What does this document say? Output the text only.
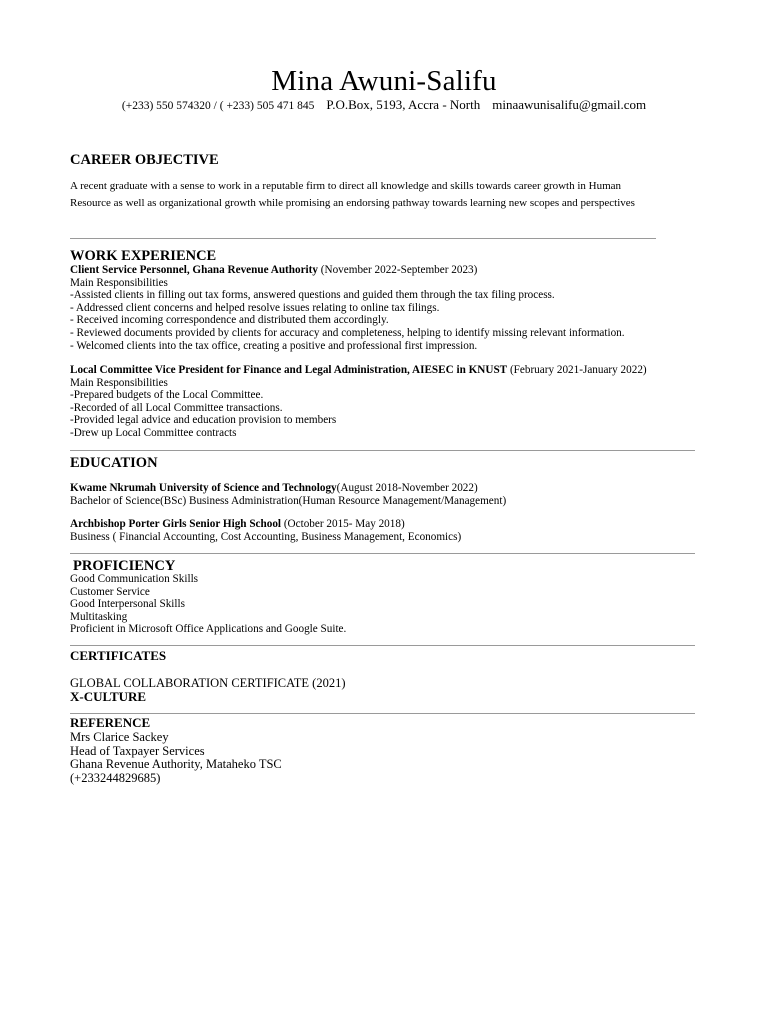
Mina Awuni-Salifu
(+233) 550 574320 / ( +233) 505 471 845 P.O.Box, 5193, Accra - North minaawunisalifu@gmail.com
CAREER OBJECTIVE
A recent graduate with a sense to work in a reputable firm to direct all knowledge and skills towards career growth in Human Resource as well as organizational growth while promising an endorsing pathway towards learning new scopes and perspectives
WORK EXPERIENCE
Client Service Personnel, Ghana Revenue Authority (November 2022-September 2023)
Main Responsibilities
-Assisted clients in filling out tax forms, answered questions and guided them through the tax filing process.
- Addressed client concerns and helped resolve issues relating to online tax filings.
- Received incoming correspondence and distributed them accordingly.
- Reviewed documents provided by clients for accuracy and completeness, helping to identify missing relevant information.
- Welcomed clients into the tax office, creating a positive and professional first impression.
Local Committee Vice President for Finance and Legal Administration, AIESEC in KNUST (February 2021-January 2022)
Main Responsibilities
-Prepared budgets of the Local Committee.
-Recorded of all Local Committee transactions.
-Provided legal advice and education provision to members
-Drew up Local Committee contracts
EDUCATION
Kwame Nkrumah University of Science and Technology(August 2018-November 2022)
Bachelor of Science(BSc) Business Administration(Human Resource Management/Management)
Archbishop Porter Girls Senior High School (October 2015- May 2018)
Business ( Financial Accounting, Cost Accounting, Business Management, Economics)
PROFICIENCY
Good Communication Skills
Customer Service
Good Interpersonal Skills
Multitasking
Proficient in Microsoft Office Applications and Google Suite.
CERTIFICATES
GLOBAL COLLABORATION CERTIFICATE (2021)
X-CULTURE
REFERENCE
Mrs Clarice Sackey
Head of Taxpayer Services
Ghana Revenue Authority, Mataheko TSC
(+233244829685)
